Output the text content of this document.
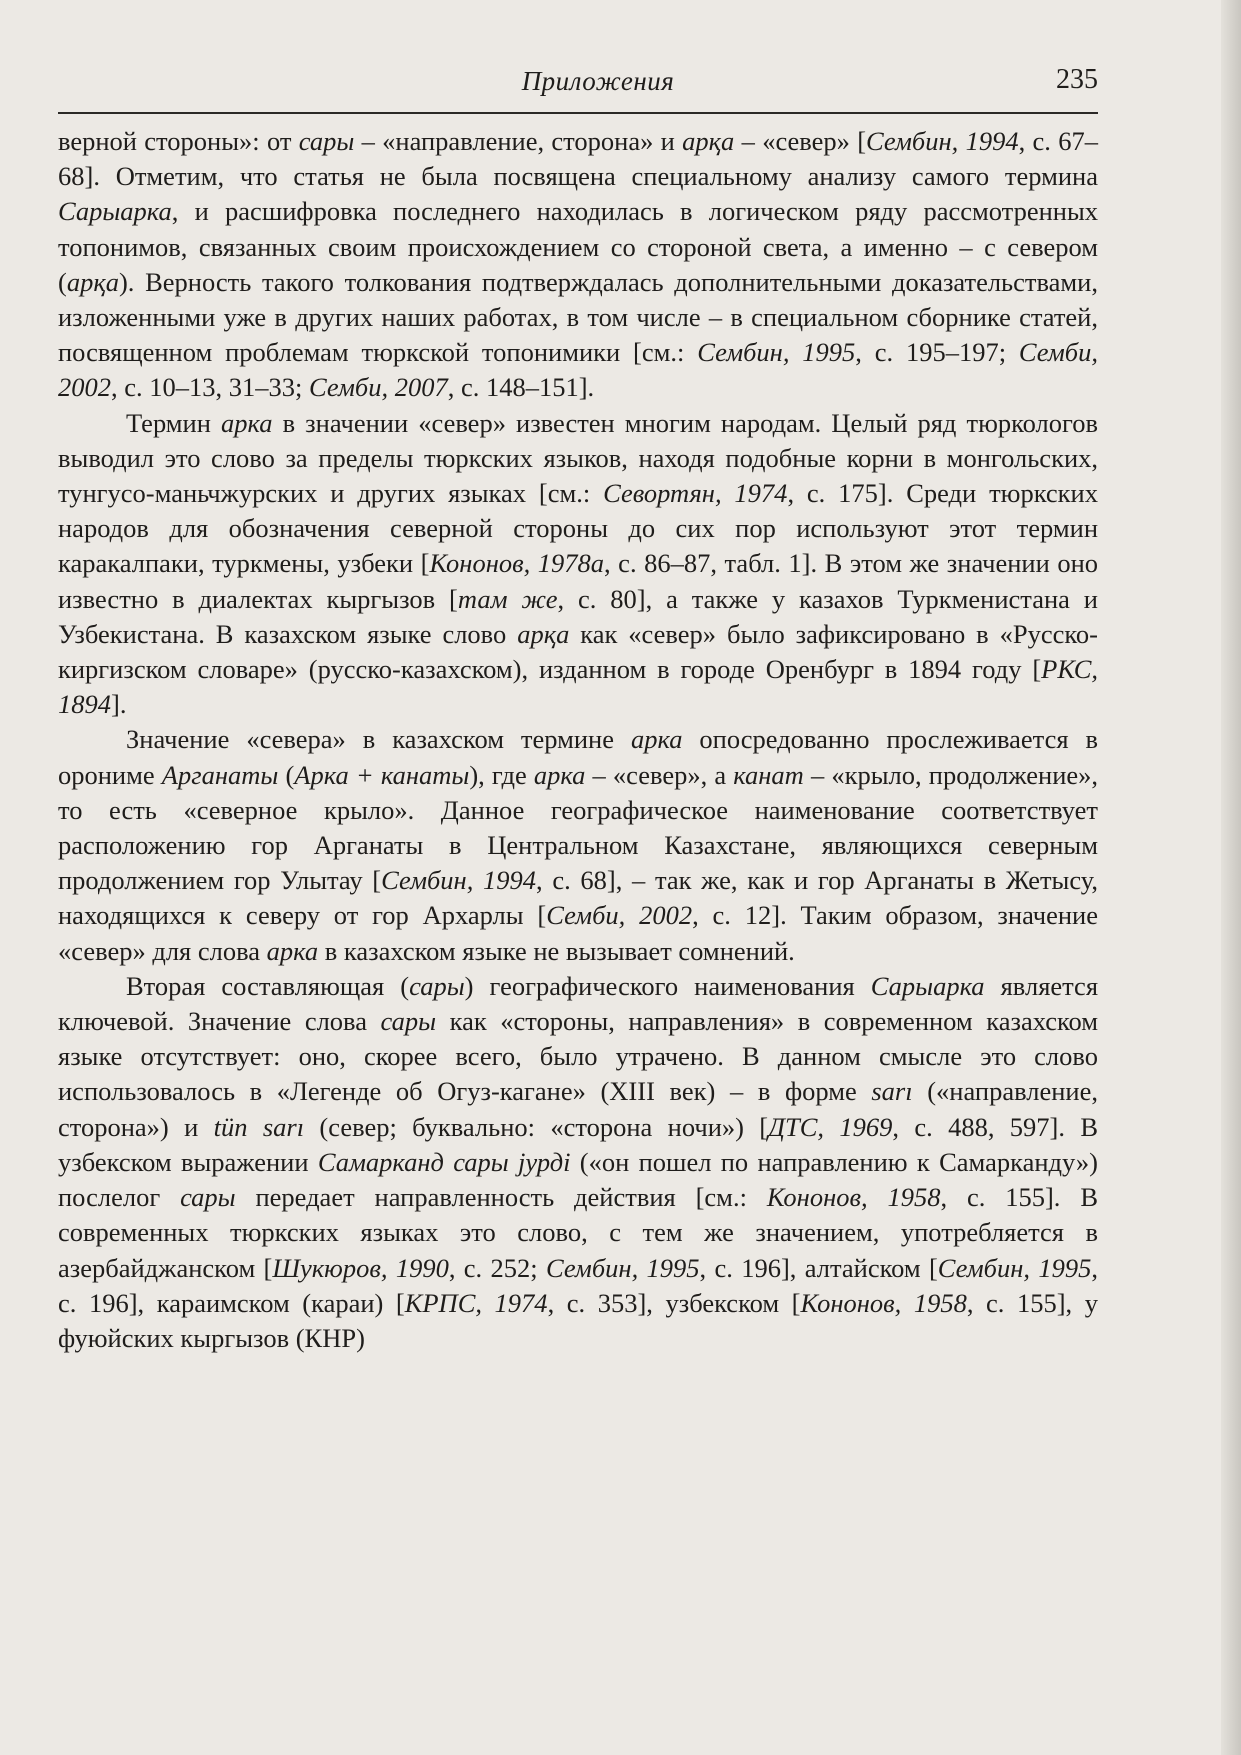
Приложения	235

верной стороны»: от сары – «направление, сторона» и арқа – «север» [Сембин, 1994, с. 67–68]. Отметим, что статья не была посвящена специальному анализу самого термина Сарыарка, и расшифровка последнего находилась в логическом ряду рассмотренных топонимов, связанных своим происхождением со стороной света, а именно – с севером (арқа). Верность такого толкования подтверждалась дополнительными доказательствами, изложенными уже в других наших работах, в том числе – в специальном сборнике статей, посвященном проблемам тюркской топонимики [см.: Сембин, 1995, с. 195–197; Семби, 2002, с. 10–13, 31–33; Семби, 2007, с. 148–151].

Термин арка в значении «север» известен многим народам. Целый ряд тюркологов выводил это слово за пределы тюркских языков, находя подобные корни в монгольских, тунгусо-маньчжурских и других языках [см.: Севортян, 1974, с. 175]. Среди тюркских народов для обозначения северной стороны до сих пор используют этот термин каракалпаки, туркмены, узбеки [Кононов, 1978а, с. 86–87, табл. 1]. В этом же значении оно известно в диалектах кыргызов [там же, с. 80], а также у казахов Туркменистана и Узбекистана. В казахском языке слово арқа как «север» было зафиксировано в «Русско-киргизском словаре» (русско-казахском), изданном в городе Оренбург в 1894 году [РКС, 1894].

Значение «севера» в казахском термине арка опосредованно прослеживается в орониме Арганаты (Арка + канаты), где арка – «север», а канат – «крыло, продолжение», то есть «северное крыло». Данное географическое наименование соответствует расположению гор Арганаты в Центральном Казахстане, являющихся северным продолжением гор Улытау [Сембин, 1994, с. 68], – так же, как и гор Арганаты в Жетысу, находящихся к северу от гор Архарлы [Семби, 2002, с. 12]. Таким образом, значение «север» для слова арка в казахском языке не вызывает сомнений.

Вторая составляющая (сары) географического наименования Сарыарка является ключевой. Значение слова сары как «стороны, направления» в современном казахском языке отсутствует: оно, скорее всего, было утрачено. В данном смысле это слово использовалось в «Легенде об Огуз-кагане» (XIII век) – в форме sarı («направление, сторона») и tün sarı (север; буквально: «сторона ночи») [ДТС, 1969, с. 488, 597]. В узбекском выражении Самарканд сары јурді («он пошел по направлению к Самарканду») послелог сары передает направленность действия [см.: Кононов, 1958, с. 155]. В современных тюркских языках это слово, с тем же значением, употребляется в азербайджанском [Шукюров, 1990, с. 252; Сембин, 1995, с. 196], алтайском [Сембин, 1995, с. 196], караимском (караи) [КРПС, 1974, с. 353], узбекском [Кононов, 1958, с. 155], у фуюйских кыргызов (КНР)
